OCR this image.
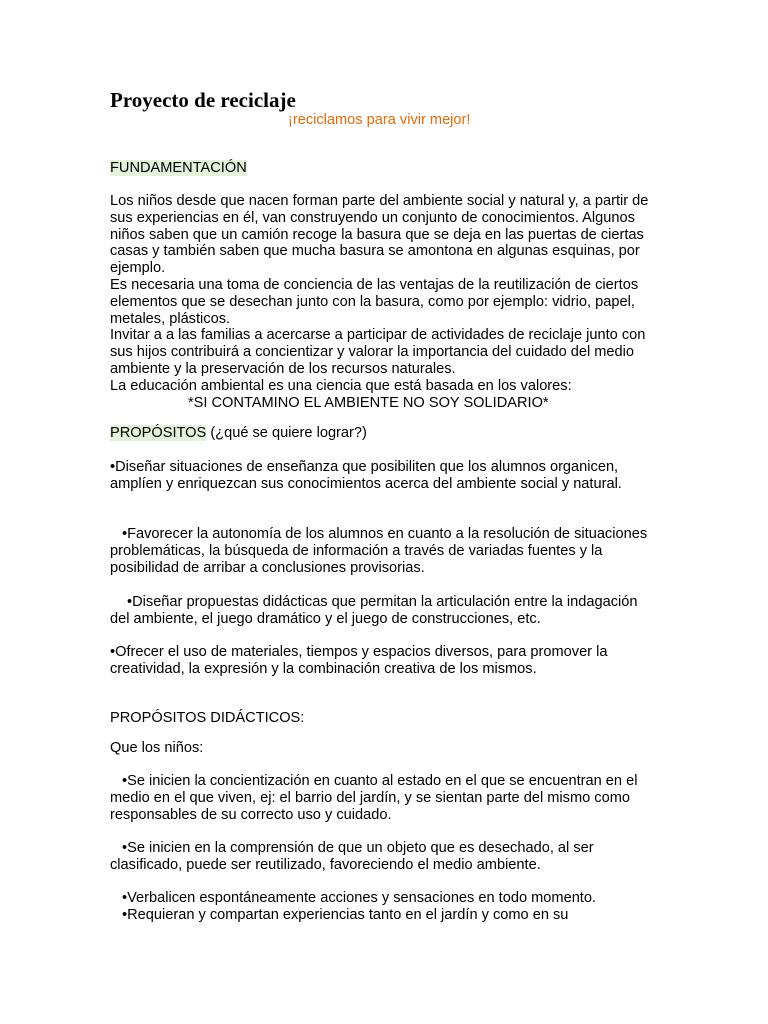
Proyecto de reciclaje
¡reciclamos para vivir mejor!
FUNDAMENTACIÓN

Los niños desde que nacen forman parte del ambiente social y natural y, a partir de sus experiencias en él, van construyendo un conjunto de conocimientos. Algunos niños saben que un camión recoge la basura que se deja en las puertas de ciertas casas y también saben que mucha basura se amontona en algunas esquinas, por ejemplo.

Es necesaria una toma de conciencia de las ventajas de la reutilización de ciertos elementos que se desechan junto con la basura, como por ejemplo: vidrio, papel, metales, plásticos.

Invitar a a las familias a acercarse a participar de actividades de reciclaje junto con sus hijos contribuirá a concientizar y valorar la importancia del cuidado del medio ambiente y la preservación de los recursos naturales.

La educación ambiental es una ciencia que está basada en los valores:

*SI CONTAMINO EL AMBIENTE NO SOY SOLIDARIO*

PROPÓSITOS (¿qué se quiere lograr?)

•Diseñar situaciones de enseñanza que posibiliten que los alumnos organicen, amplíen y enriquezcan sus conocimientos acerca del ambiente social y natural.

•Favorecer la autonomía de los alumnos en cuanto a la resolución de situaciones problemáticas, la búsqueda de información a través de variadas fuentes y la posibilidad de arribar a conclusiones provisorias.

•Diseñar propuestas didácticas que permitan la articulación entre la indagación del ambiente, el juego dramático y el juego de construcciones, etc.

•Ofrecer el uso de materiales, tiempos y espacios diversos, para promover la creatividad, la expresión y la combinación creativa de los mismos.

PROPÓSITOS DIDÁCTICOS:
Que los niños:

•Se inicien la concientización en cuanto al estado en el que se encuentran en el medio en el que viven, ej: el barrio del jardín, y se sientan parte del mismo como responsables de su correcto uso y cuidado.

•Se inicien en la comprensión de que un objeto que es desechado, al ser clasificado, puede ser reutilizado, favoreciendo el medio ambiente.

•Verbalicen espontáneamente acciones y sensaciones en todo momento.

•Requieran y compartan experiencias tanto en el jardín y como en su
